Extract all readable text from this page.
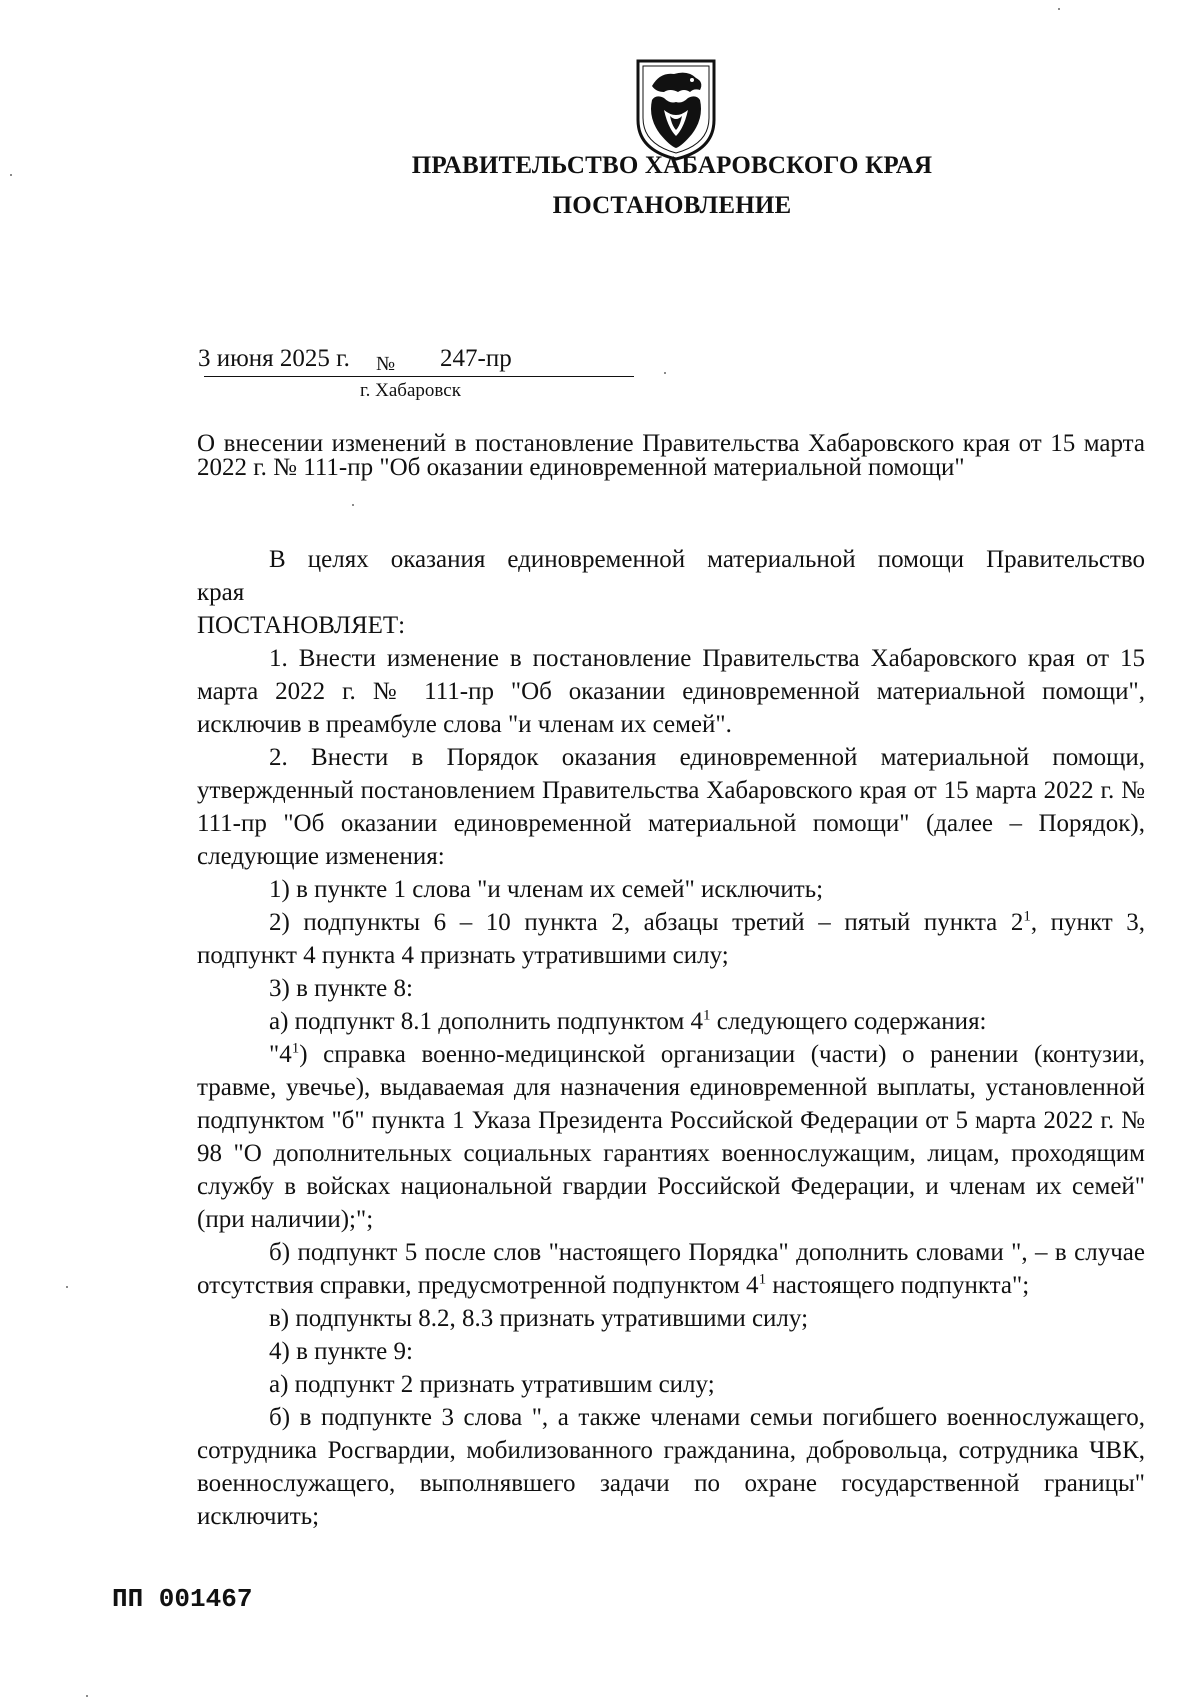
ПРАВИТЕЛЬСТВО ХАБАРОВСКОГО КРАЯ
ПОСТАНОВЛЕНИЕ
3 июня 2025 г. № 247-пр
г. Хабаровск
О внесении изменений в постановление Правительства Хабаровского края от 15 марта 2022 г. № 111-пр "Об оказании единовременной материальной помощи"

В целях оказания единовременной материальной помощи Правительство

края

ПОСТАНОВЛЯЕТ:

1. Внести изменение в постановление Правительства Хабаровского края от 15 марта 2022 г. № 111-пр "Об оказании единовременной материальной помощи", исключив в преамбуле слова "и членам их семей".

2. Внести в Порядок оказания единовременной материальной помощи, утвержденный постановлением Правительства Хабаровского края от 15 марта 2022 г. № 111-пр "Об оказании единовременной материальной помощи" (далее – Порядок), следующие изменения:

1) в пункте 1 слова "и членам их семей" исключить;

2) подпункты 6 – 10 пункта 2, абзацы третий – пятый пункта $2^1$, пункт 3, подпункт 4 пункта 4 признать утратившими силу;

3) в пункте 8:

а) подпункт 8.1 дополнить подпунктом $4^1$ следующего содержания:

"$4^1$) справка военно-медицинской организации (части) о ранении (контузии, травме, увечье), выдаваемая для назначения единовременной выплаты, установленной подпунктом "б" пункта 1 Указа Президента Российской Федерации от 5 марта 2022 г. № 98 "О дополнительных социальных гарантиях военнослужащим, лицам, проходящим службу в войсках национальной гвардии Российской Федерации, и членам их семей" (при наличии);";

б) подпункт 5 после слов "настоящего Порядка" дополнить словами ", – в случае отсутствия справки, предусмотренной подпунктом $4^1$ настоящего подпункта";

в) подпункты 8.2, 8.3 признать утратившими силу;

4) в пункте 9:

а) подпункт 2 признать утратившим силу;

б) в подпункте 3 слова ", а также членами семьи погибшего военнослужащего, сотрудника Росгвардии, мобилизованного гражданина, добровольца, сотрудника ЧВК, военнослужащего, выполнявшего задачи по охране государственной границы" исключить;

ПП 001467
